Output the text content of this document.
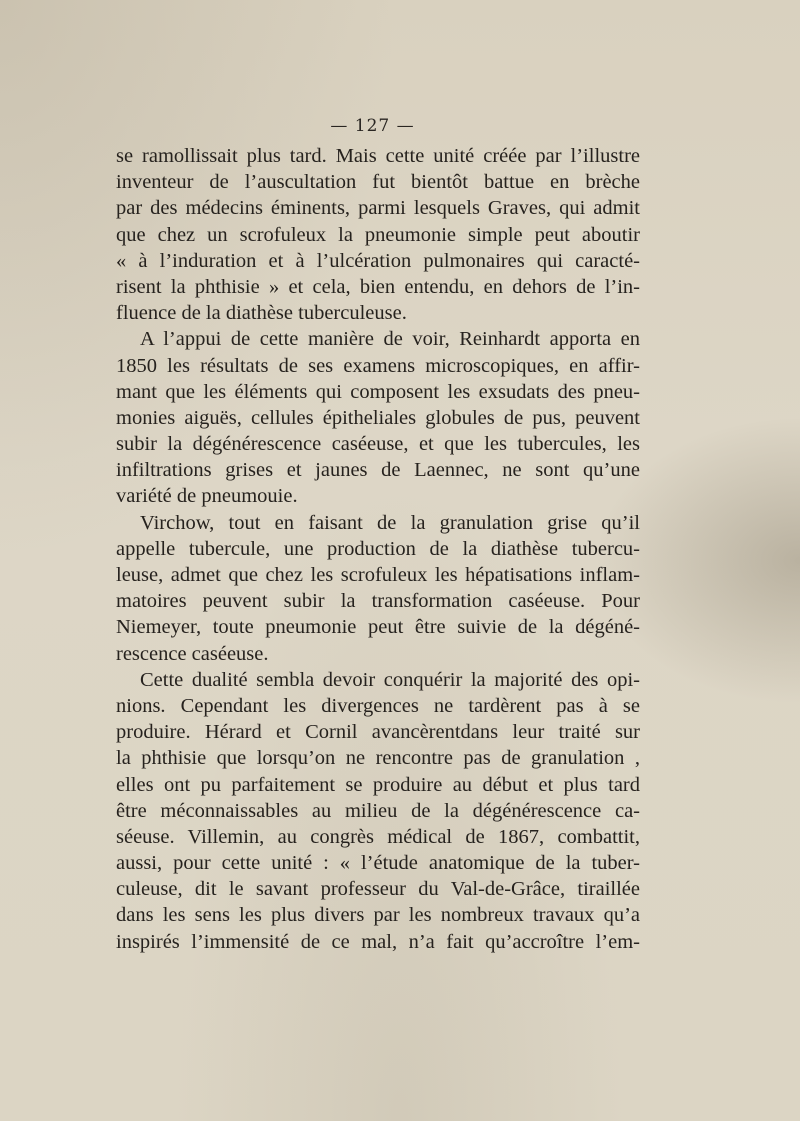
— 127 —

se ramollissait plus tard. Mais cette unité créée par l’illustre
inventeur de l’auscultation fut bientôt battue en brèche
par des médecins éminents, parmi lesquels Graves, qui admit
que chez un scrofuleux la pneumonie simple peut aboutir
« à l’induration et à l’ulcération pulmonaires qui caracté-
risent la phthisie » et cela, bien entendu, en dehors de l’in-
fluence de la diathèse tuberculeuse.

A l’appui de cette manière de voir, Reinhardt apporta en
1850 les résultats de ses examens microscopiques, en affir-
mant que les éléments qui composent les exsudats des pneu-
monies aiguës, cellules épitheliales globules de pus, peuvent
subir la dégénérescence caséeuse, et que les tubercules, les
infiltrations grises et jaunes de Laennec, ne sont qu’une
variété de pneumouie.

Virchow, tout en faisant de la granulation grise qu’il
appelle tubercule, une production de la diathèse tubercu-
leuse, admet que chez les scrofuleux les hépatisations inflam-
matoires peuvent subir la transformation caséeuse. Pour
Niemeyer, toute pneumonie peut être suivie de la dégéné-
rescence caséeuse.

Cette dualité sembla devoir conquérir la majorité des opi-
nions. Cependant les divergences ne tardèrent pas à se
produire. Hérard et Cornil avancèrentdans leur traité sur
la phthisie que lorsqu’on ne rencontre pas de granulation ,
elles ont pu parfaitement se produire au début et plus tard
être méconnaissables au milieu de la dégénérescence ca-
séeuse. Villemin, au congrès médical de 1867, combattit,
aussi, pour cette unité : « l’étude anatomique de la tuber-
culeuse, dit le savant professeur du Val-de-Grâce, tiraillée
dans les sens les plus divers par les nombreux travaux qu’a
inspirés l’immensité de ce mal, n’a fait qu’accroître l’em-
